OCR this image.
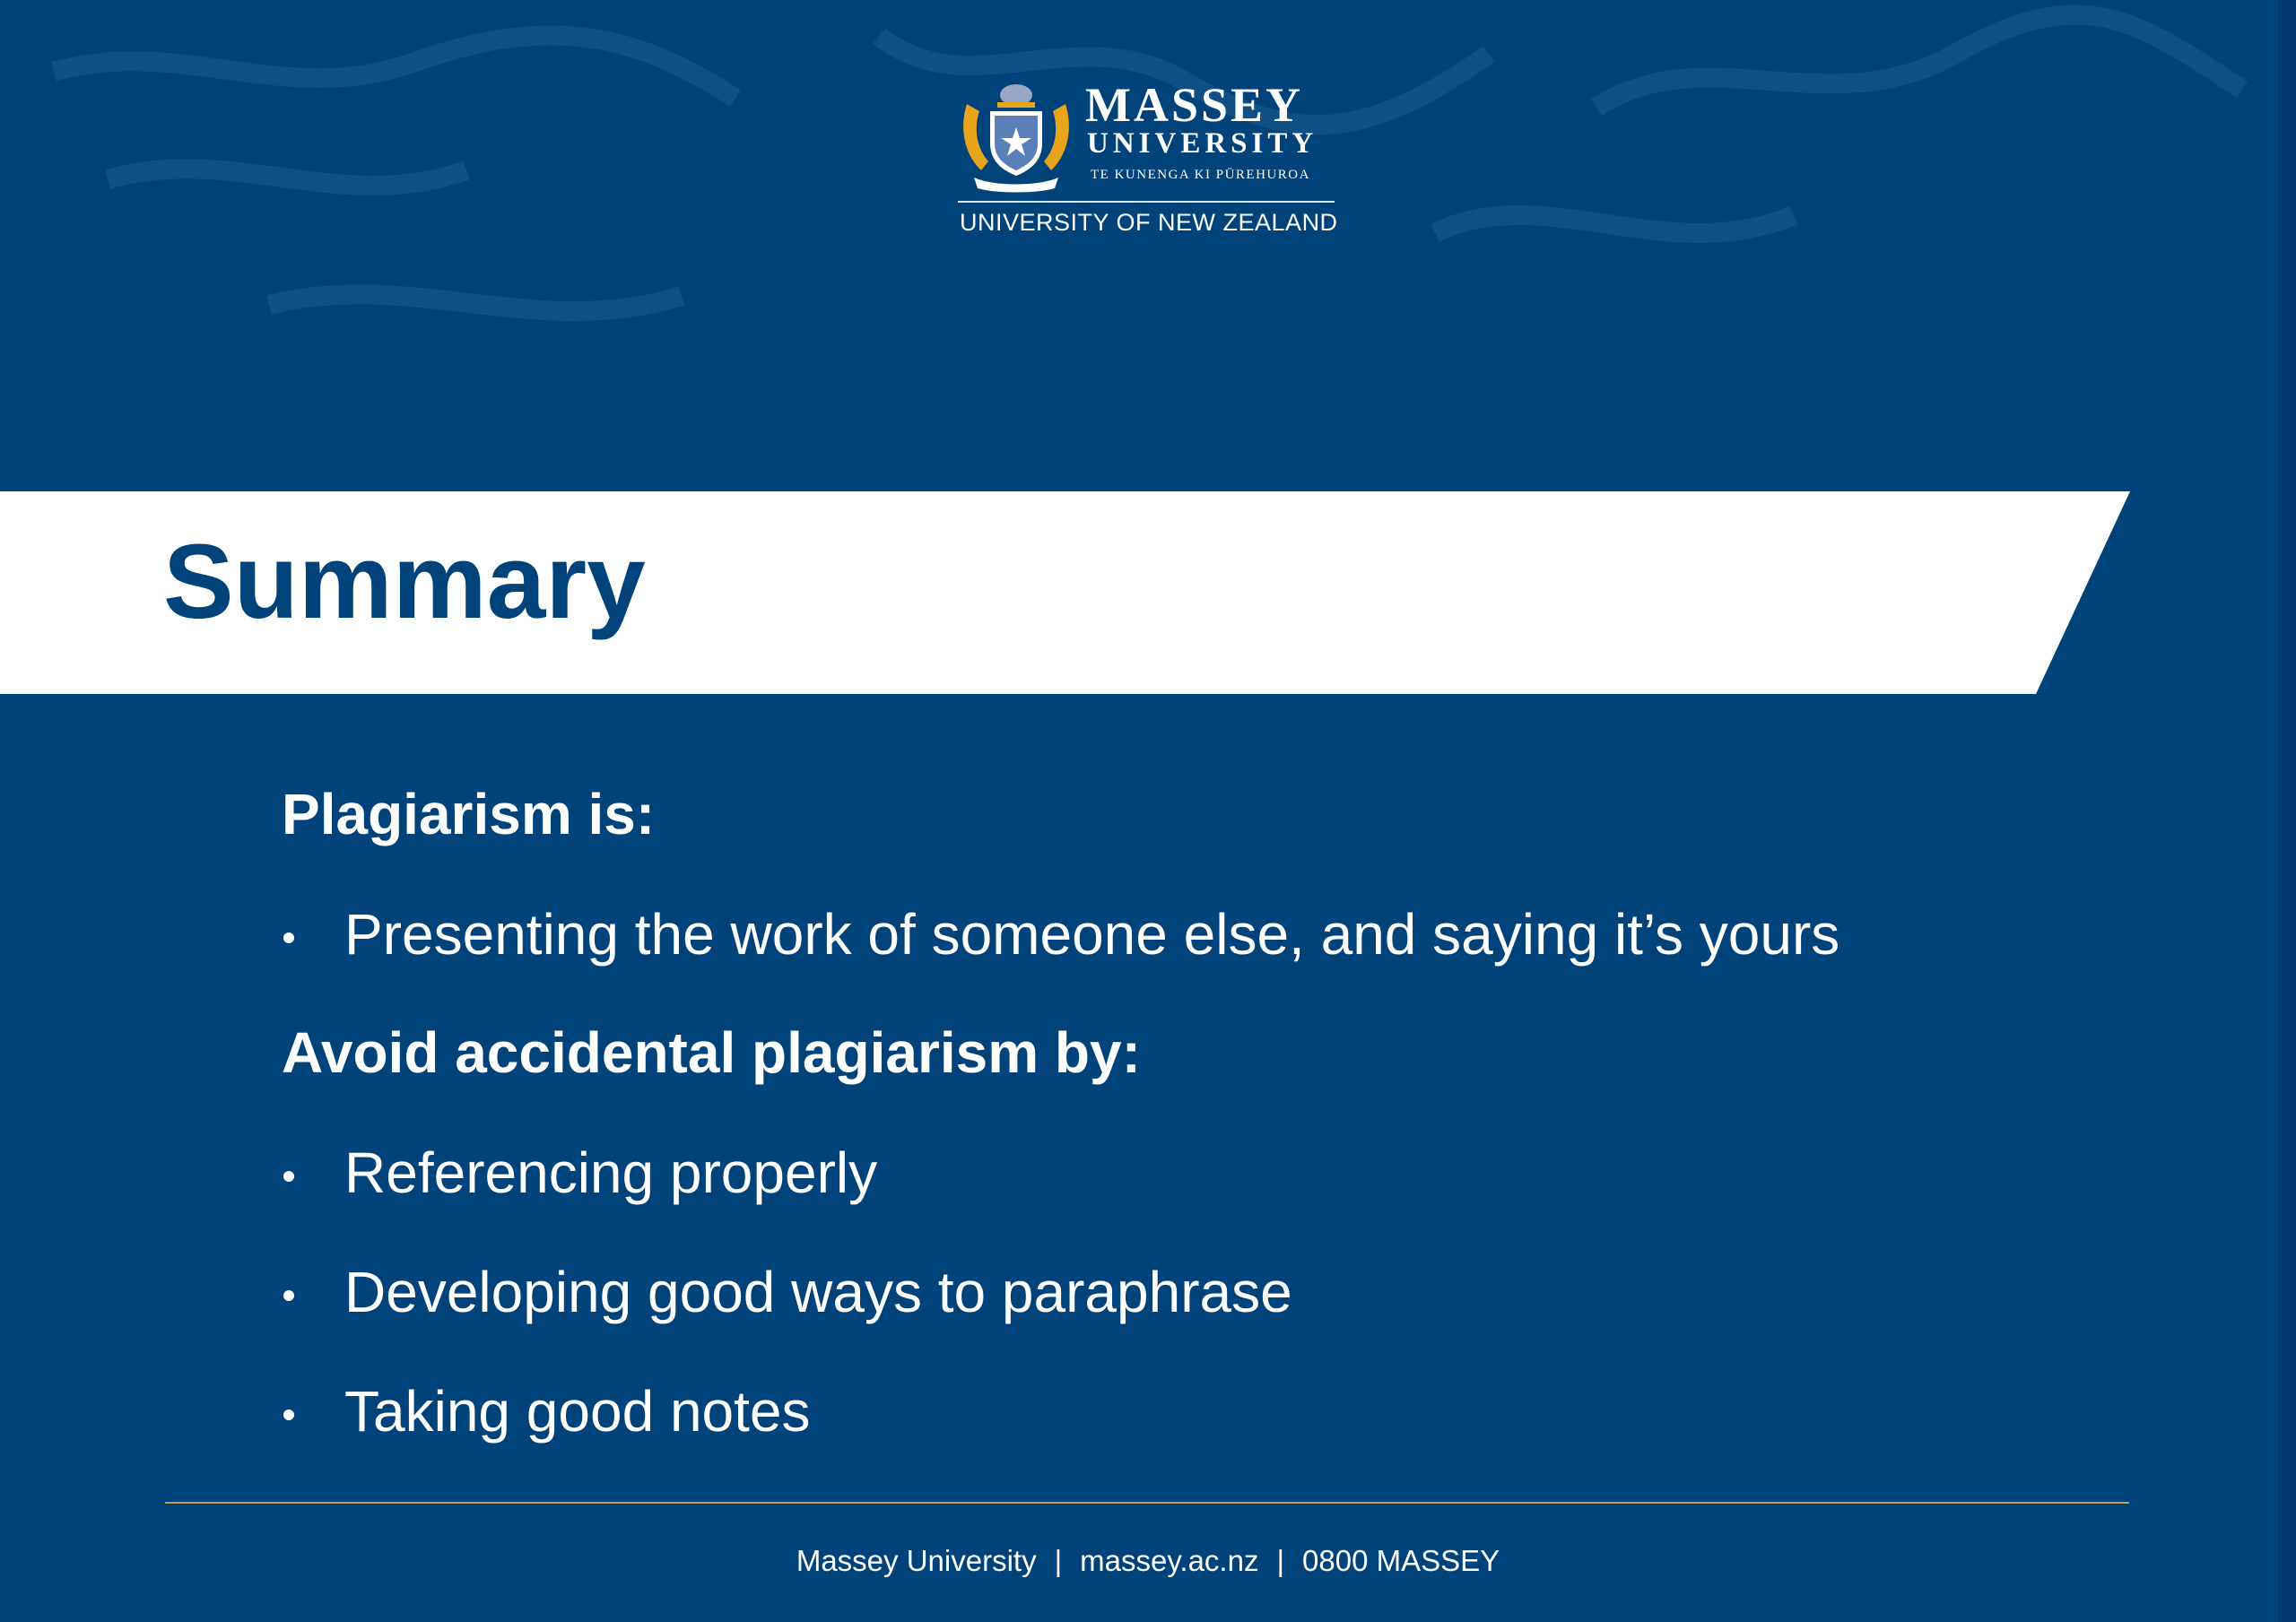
MASSEY
UNIVERSITY
TE KUNENGA KI PŪREHUROA
UNIVERSITY OF NEW ZEALAND
Summary
Plagiarism is:
Presenting the work of someone else, and saying it’s yours
Avoid accidental plagiarism by:
Referencing properly
Developing good ways to paraphrase
Taking good notes
Massey University | massey.ac.nz | 0800 MASSEY
